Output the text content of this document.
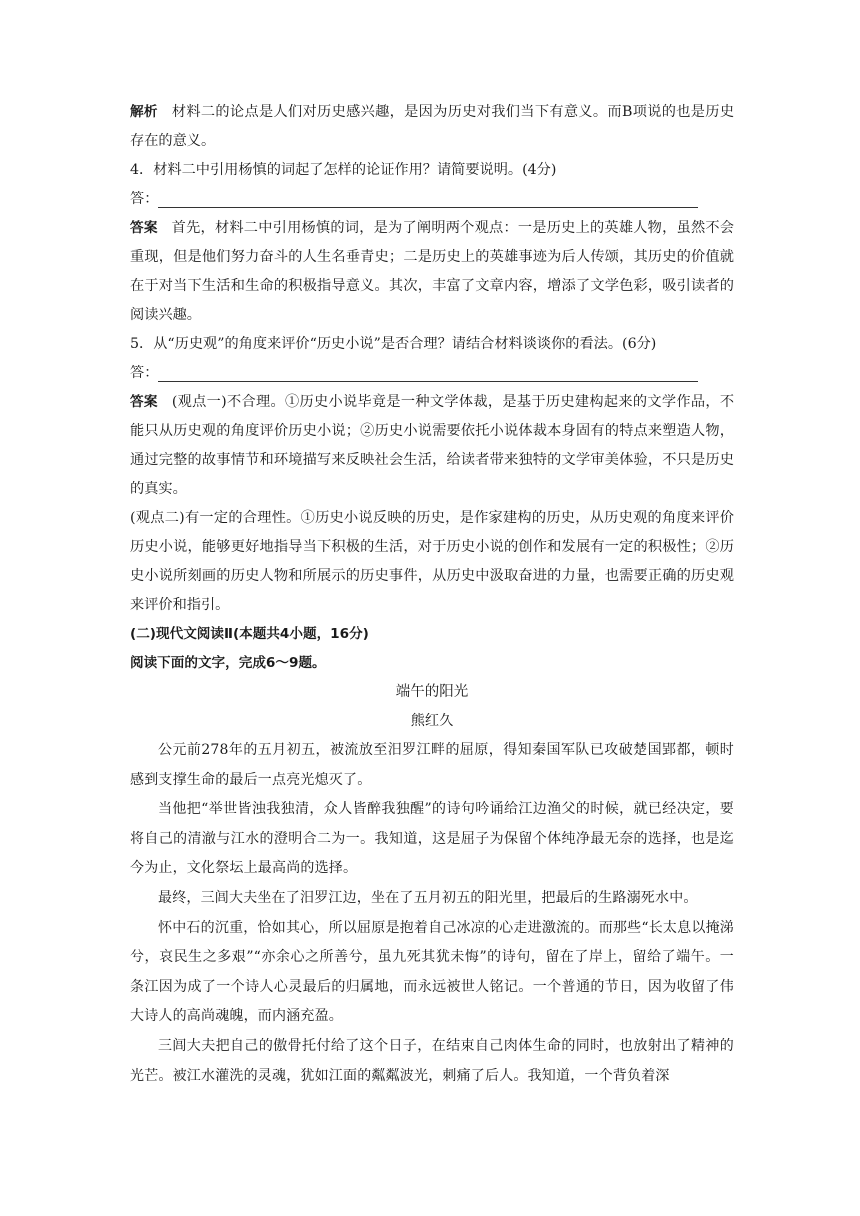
解析 材料二的论点是人们对历史感兴趣，是因为历史对我们当下有意义。而B项说的也是历史存在的意义。
4．材料二中引用杨慎的词起了怎样的论证作用？请简要说明。(4分)
答：
答案 首先，材料二中引用杨慎的词，是为了阐明两个观点：一是历史上的英雄人物，虽然不会重现，但是他们努力奋斗的人生名垂青史；二是历史上的英雄事迹为后人传颂，其历史的价值就在于对当下生活和生命的积极指导意义。其次，丰富了文章内容，增添了文学色彩，吸引读者的阅读兴趣。
5．从“历史观”的角度来评价“历史小说”是否合理？请结合材料谈谈你的看法。(6分)
答：
答案 (观点一)不合理。①历史小说毕竟是一种文学体裁，是基于历史建构起来的文学作品，不能只从历史观的角度评价历史小说；②历史小说需要依托小说体裁本身固有的特点来塑造人物，通过完整的故事情节和环境描写来反映社会生活，给读者带来独特的文学审美体验，不只是历史的真实。
(观点二)有一定的合理性。①历史小说反映的历史，是作家建构的历史，从历史观的角度来评价历史小说，能够更好地指导当下积极的生活，对于历史小说的创作和发展有一定的积极性；②历史小说所刻画的历史人物和所展示的历史事件，从历史中汲取奋进的力量，也需要正确的历史观来评价和指引。
(二)现代文阅读Ⅱ(本题共4小题，16分)
阅读下面的文字，完成6～9题。
端午的阳光
熊红久
公元前278年的五月初五，被流放至汨罗江畔的屈原，得知秦国军队已攻破楚国郢都，顿时感到支撑生命的最后一点亮光熄灭了。
当他把“举世皆浊我独清，众人皆醉我独醒”的诗句吟诵给江边渔父的时候，就已经决定，要将自己的清澈与江水的澄明合二为一。我知道，这是屈子为保留个体纯净最无奈的选择，也是迄今为止，文化祭坛上最高尚的选择。
最终，三闾大夫坐在了汨罗江边，坐在了五月初五的阳光里，把最后的生路溺死水中。
怀中石的沉重，恰如其心，所以屈原是抱着自己冰凉的心走进激流的。而那些“长太息以掩涕兮，哀民生之多艰”“亦余心之所善兮，虽九死其犹未悔”的诗句，留在了岸上，留给了端午。一条江因为成了一个诗人心灵最后的归属地，而永远被世人铭记。一个普通的节日，因为收留了伟大诗人的高尚魂魄，而内涵充盈。
三闾大夫把自己的傲骨托付给了这个日子，在结束自己肉体生命的同时，也放射出了精神的光芒。被江水灌洗的灵魂，犹如江面的粼粼波光，刺痛了后人。我知道，一个背负着深
